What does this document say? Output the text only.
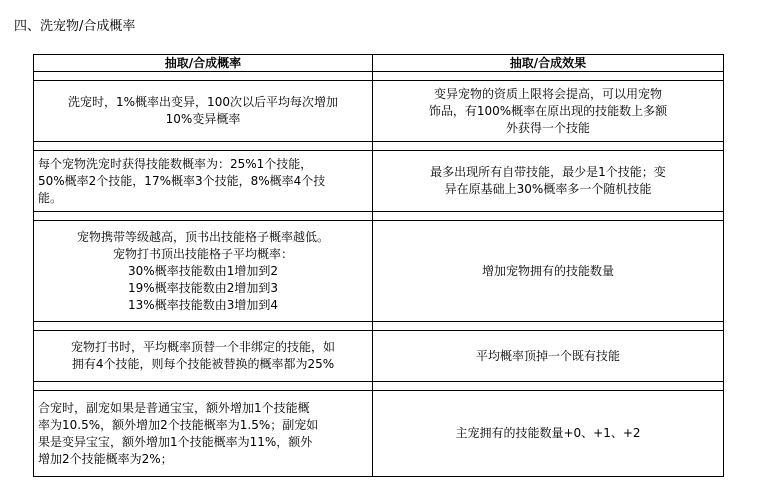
四、洗宠物/合成概率
抽取/合成概率	抽取/合成效果

洗宠时，1%概率出变异，100次以后平均每次增加
10%变异概率	变异宠物的资质上限将会提高，可以用宠物
饰品，有100%概率在原出现的技能数上多额
外获得一个技能

每个宠物洗宠时获得技能数概率为：25%1个技能，
50%概率2个技能，17%概率3个技能，8%概率4个技
能。	最多出现所有自带技能，最少是1个技能；变
异在原基础上30%概率多一个随机技能

宠物携带等级越高，顶书出技能格子概率越低。
宠物打书顶出技能格子平均概率：
30%概率技能数由1增加到2
19%概率技能数由2增加到3
13%概率技能数由3增加到4	增加宠物拥有的技能数量

宠物打书时，平均概率顶替一个非绑定的技能，如
拥有4个技能，则每个技能被替换的概率都为25%	平均概率顶掉一个既有技能

合宠时，副宠如果是普通宝宝，额外增加1个技能概
率为10.5%，额外增加2个技能概率为1.5%；副宠如
果是变异宝宝，额外增加1个技能概率为11%，额外
增加2个技能概率为2%；	主宠拥有的技能数量+0、+1、+2
